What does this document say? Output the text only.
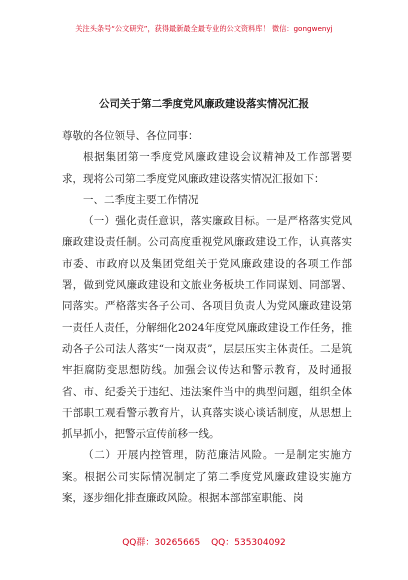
关注头条号“公文研究”，获得最新最全最专业的公文资料库！ 微信：gongwenyj
公司关于第二季度党风廉政建设落实情况汇报

尊敬的各位领导、各位同事：

根据集团第一季度党风廉政建设会议精神及工作部署要求，现将公司第二季度党风廉政建设落实情况汇报如下：

一、二季度主要工作情况

（一）强化责任意识，落实廉政目标。一是严格落实党风廉政建设责任制。公司高度重视党风廉政建设工作，认真落实市委、市政府以及集团党组关于党风廉政建设的各项工作部署，做到党风廉政建设和文旅业务板块工作同谋划、同部署、同落实。严格落实各子公司、各项目负责人为党风廉政建设第一责任人责任，分解细化2024年度党风廉政建设工作任务，推动各子公司法人落实“一岗双责”，层层压实主体责任。二是筑牢拒腐防变思想防线。加强会议传达和警示教育，及时通报省、市、纪委关于违纪、违法案件当中的典型问题，组织全体干部职工观看警示教育片，认真落实谈心谈话制度，从思想上抓早抓小，把警示宣传前移一线。

（二）开展内控管理，防范廉洁风险。一是制定实施方案。根据公司实际情况制定了第二季度党风廉政建设实施方案，逐步细化排查廉政风险。根据本部部室职能、岗

QQ群：30265665 QQ：535304092
